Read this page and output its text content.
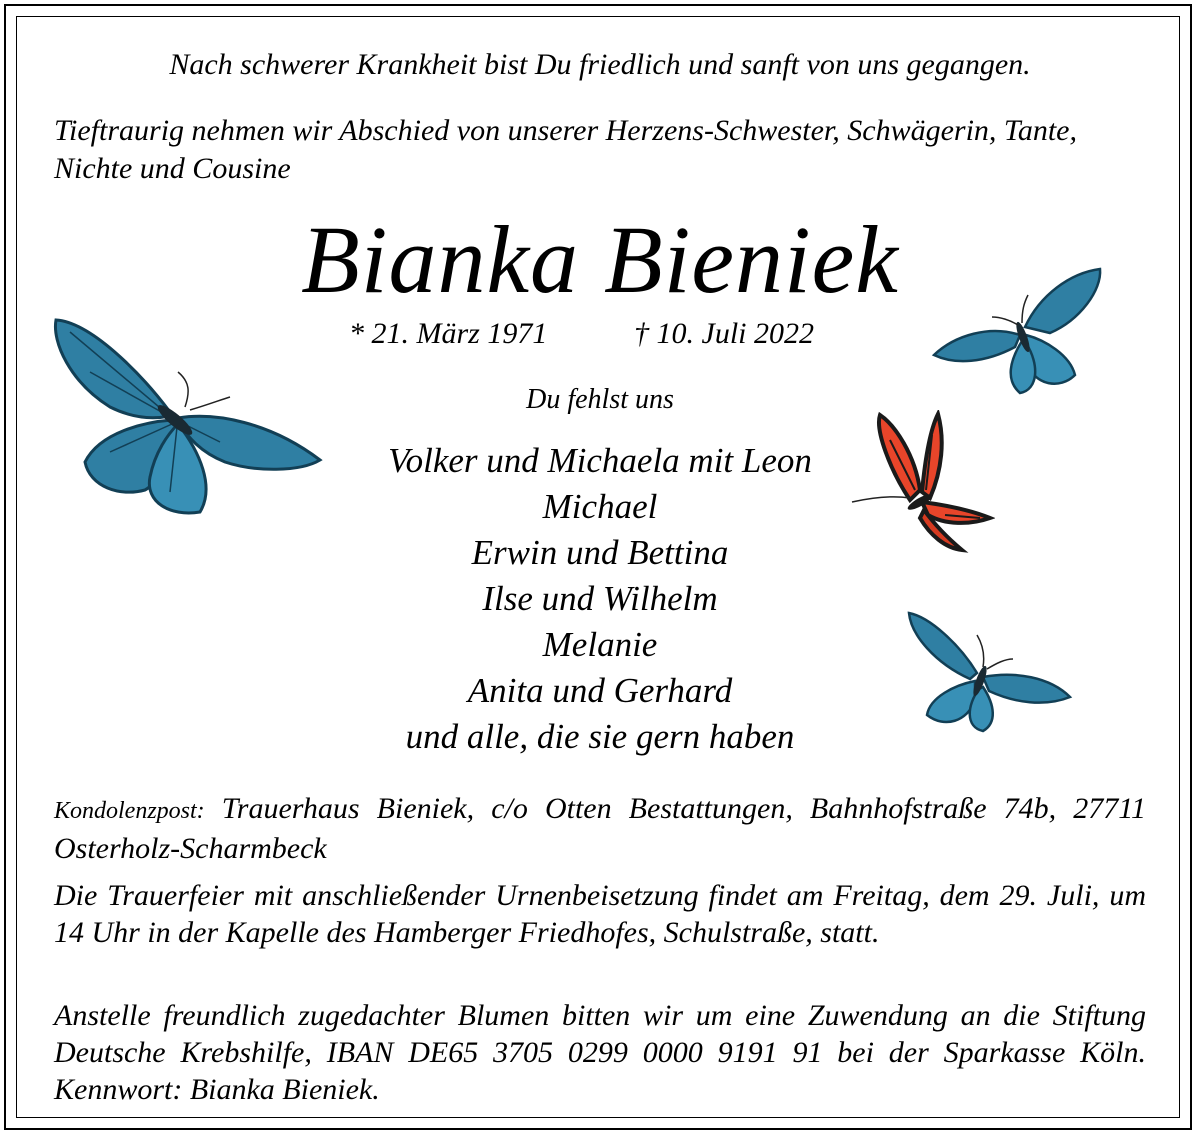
Nach schwerer Krankheit bist Du friedlich und sanft von uns gegangen.
Tieftraurig nehmen wir Abschied von unserer Herzens-Schwester, Schwägerin, Tante, Nichte und Cousine
Bianka Bieniek
* 21. März 1971	† 10. Juli 2022
Du fehlst uns
Volker und Michaela mit Leon
Michael
Erwin und Bettina
Ilse und Wilhelm
Melanie
Anita und Gerhard
und alle, die sie gern haben
Kondolenzpost: Trauerhaus Bieniek, c/o Otten Bestattungen, Bahnhofstraße 74b, 27711 Osterholz-Scharmbeck
Die Trauerfeier mit anschließender Urnenbeisetzung findet am Freitag, dem 29. Juli, um 14 Uhr in der Kapelle des Hamberger Friedhofes, Schulstraße, statt.
Anstelle freundlich zugedachter Blumen bitten wir um eine Zuwendung an die Stiftung Deutsche Krebshilfe, IBAN DE65 3705 0299 0000 9191 91 bei der Sparkasse Köln. Kennwort: Bianka Bieniek.
